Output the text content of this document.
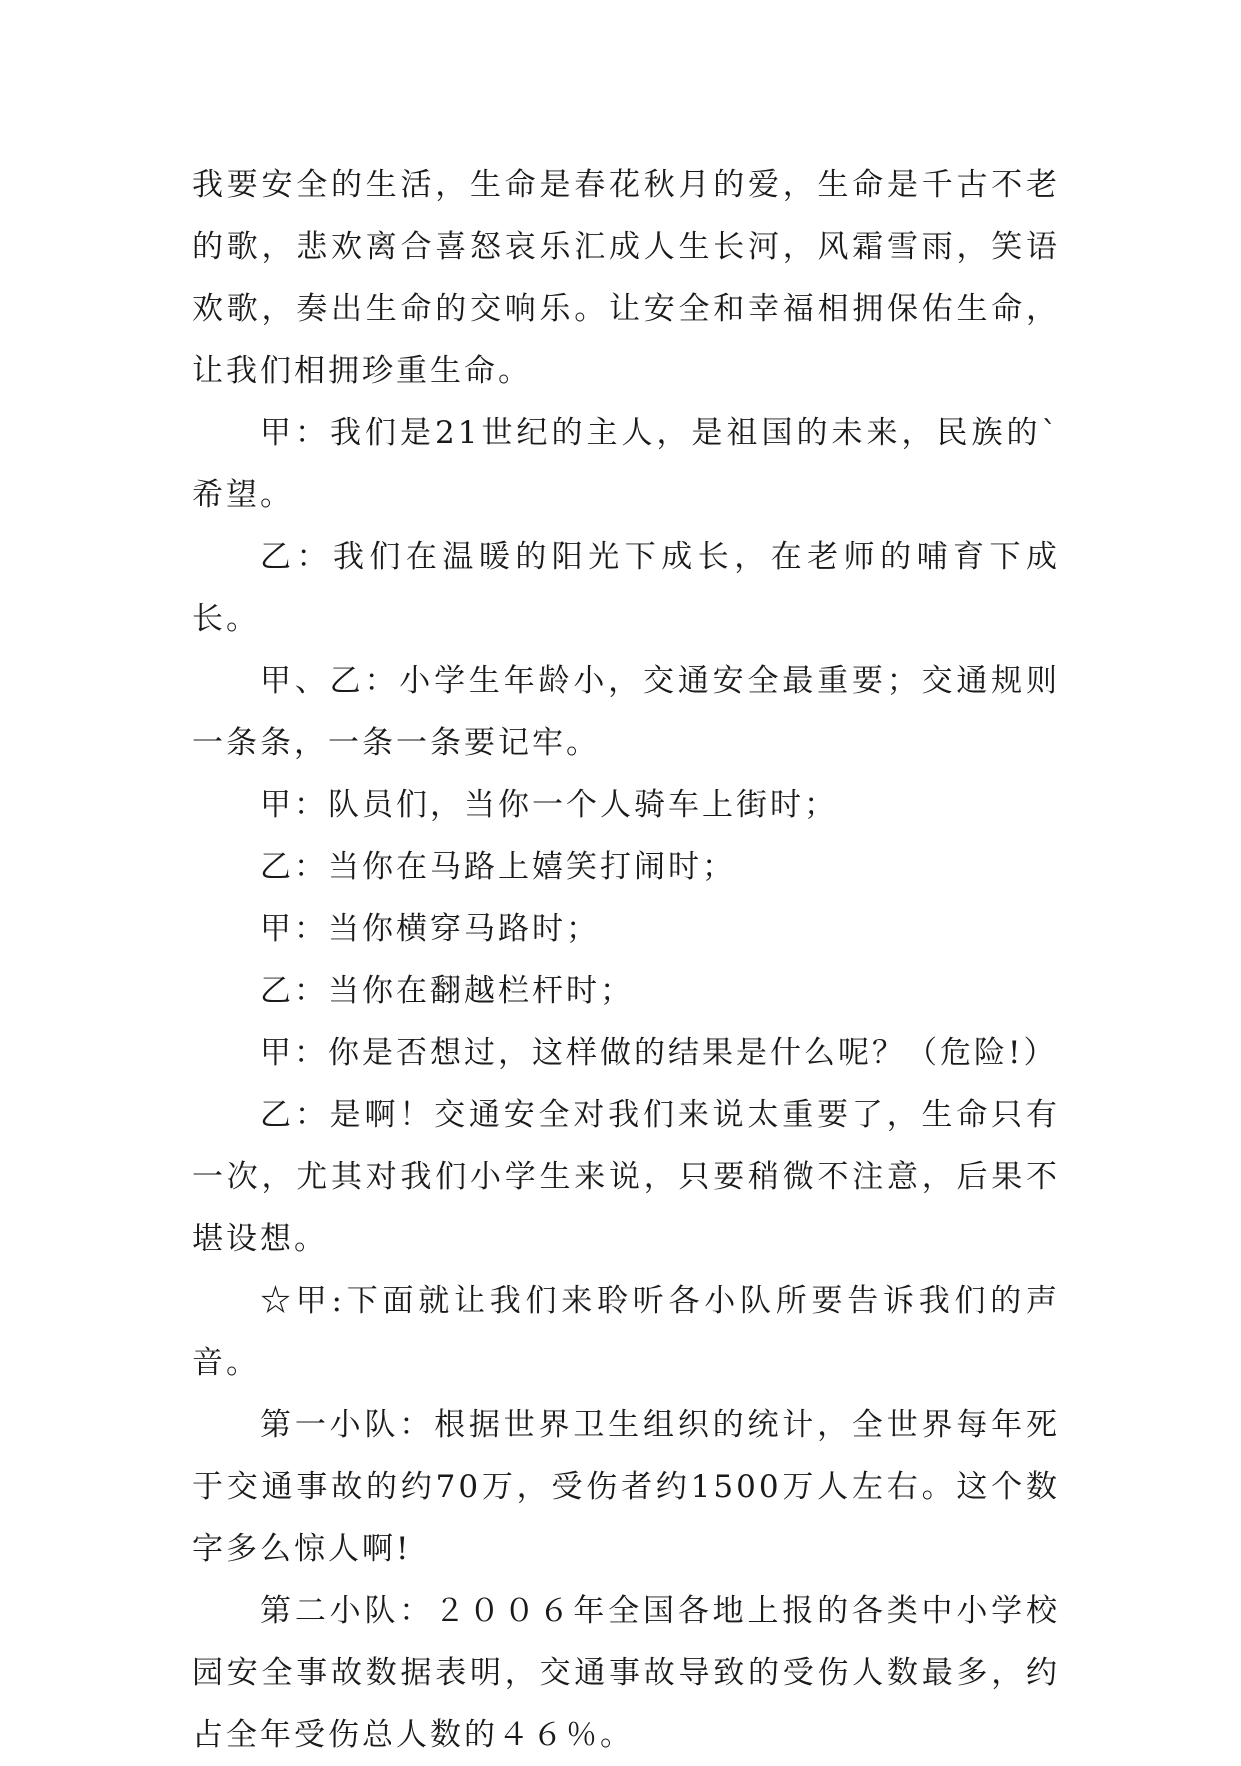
我要安全的生活，生命是春花秋月的爱，生命是千古不老的歌，悲欢离合喜怒哀乐汇成人生长河，风霜雪雨，笑语欢歌，奏出生命的交响乐。让安全和幸福相拥保佑生命，让我们相拥珍重生命。

甲：我们是21世纪的主人，是祖国的未来，民族的`希望。

乙：我们在温暖的阳光下成长，在老师的哺育下成长。

甲、乙：小学生年龄小，交通安全最重要；交通规则一条条，一条一条要记牢。

甲：队员们，当你一个人骑车上街时；

乙：当你在马路上嬉笑打闹时；

甲：当你横穿马路时；

乙：当你在翻越栏杆时；

甲：你是否想过，这样做的结果是什么呢？（危险!）

乙：是啊！交通安全对我们来说太重要了，生命只有一次，尤其对我们小学生来说，只要稍微不注意，后果不堪设想。

☆甲:下面就让我们来聆听各小队所要告诉我们的声音。

第一小队：根据世界卫生组织的统计，全世界每年死于交通事故的约70万，受伤者约1500万人左右。这个数字多么惊人啊!

第二小队：２００６年全国各地上报的各类中小学校园安全事故数据表明，交通事故导致的受伤人数最多，约占全年受伤总人数的４６％。
